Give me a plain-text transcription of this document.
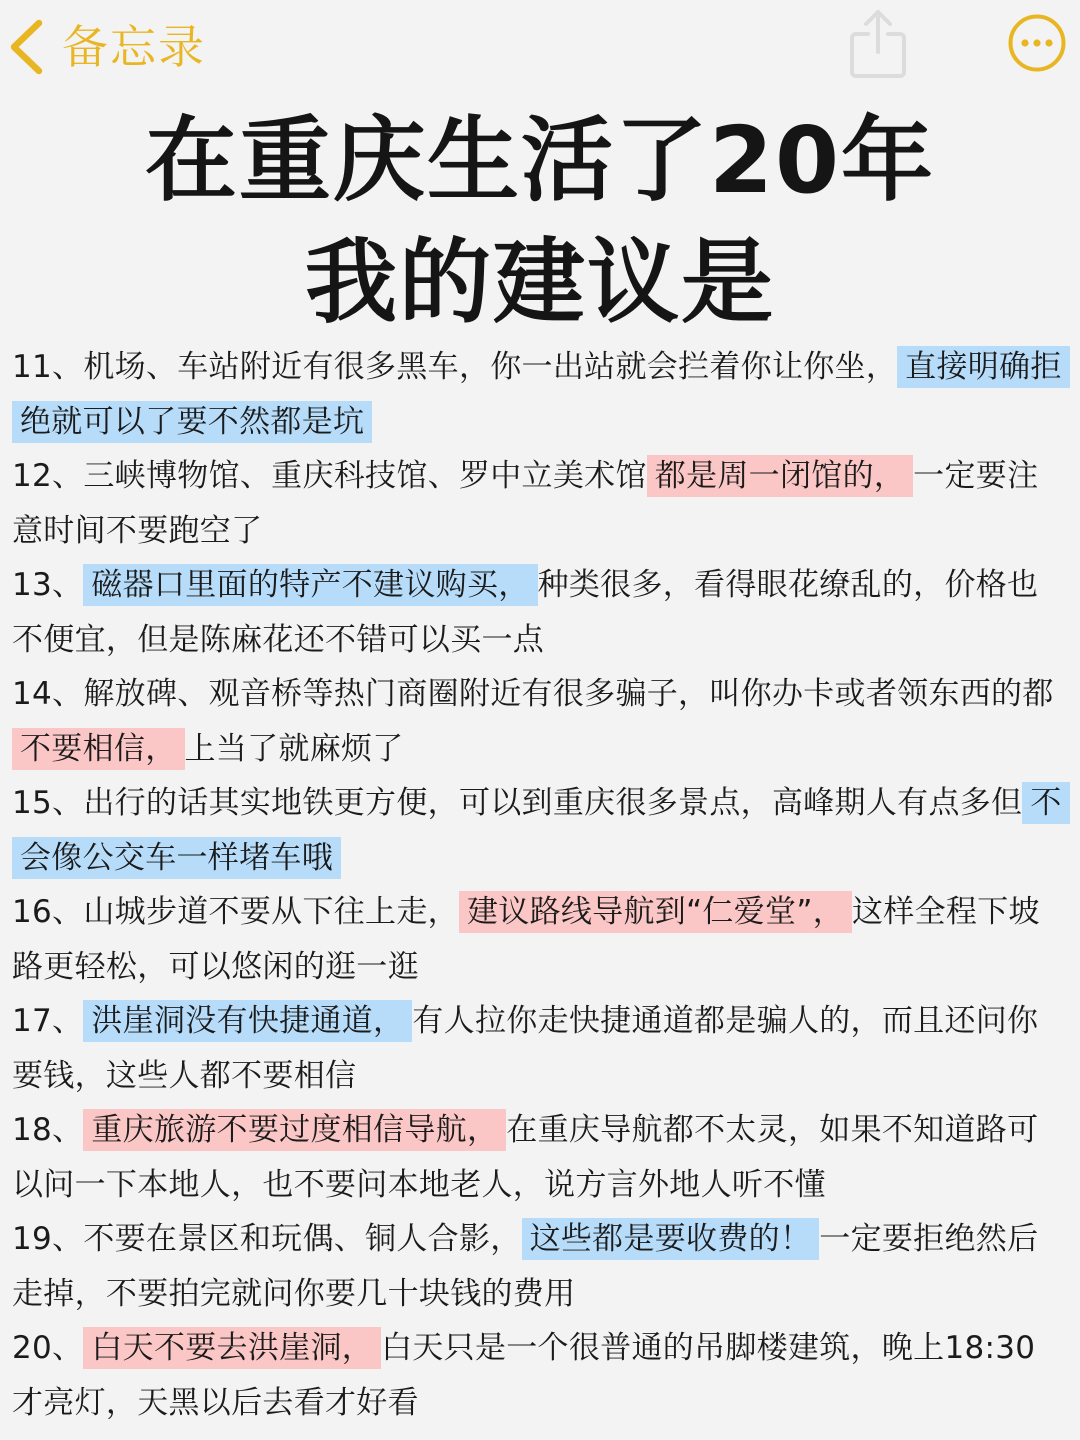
备忘录
在重庆生活了20年
我的建议是

11、机场、车站附近有很多黑车，你一出站就会拦着你让你坐， 直接明确拒绝就可以了要不然都是坑

12、三峡博物馆、重庆科技馆、罗中立美术馆 都是周一闭馆的， 一定要注意时间不要跑空了

13、 磁器口里面的特产不建议购买， 种类很多，看得眼花缭乱的，价格也不便宜，但是陈麻花还不错可以买一点

14、解放碑、观音桥等热门商圈附近有很多骗子，叫你办卡或者领东西的都不要相信， 上当了就麻烦了

15、出行的话其实地铁更方便，可以到重庆很多景点，高峰期人有点多但 不会像公交车一样堵车哦

16、山城步道不要从下往上走， 建议路线导航到“仁爱堂”， 这样全程下坡路更轻松，可以悠闲的逛一逛

17、 洪崖洞没有快捷通道， 有人拉你走快捷通道都是骗人的，而且还问你要钱，这些人都不要相信

18、 重庆旅游不要过度相信导航， 在重庆导航都不太灵，如果不知道路可以问一下本地人，也不要问本地老人，说方言外地人听不懂

19、不要在景区和玩偶、铜人合影， 这些都是要收费的！ 一定要拒绝然后走掉，不要拍完就问你要几十块钱的费用

20、 白天不要去洪崖洞， 白天只是一个很普通的吊脚楼建筑，晚上18:30才亮灯，天黑以后去看才好看
